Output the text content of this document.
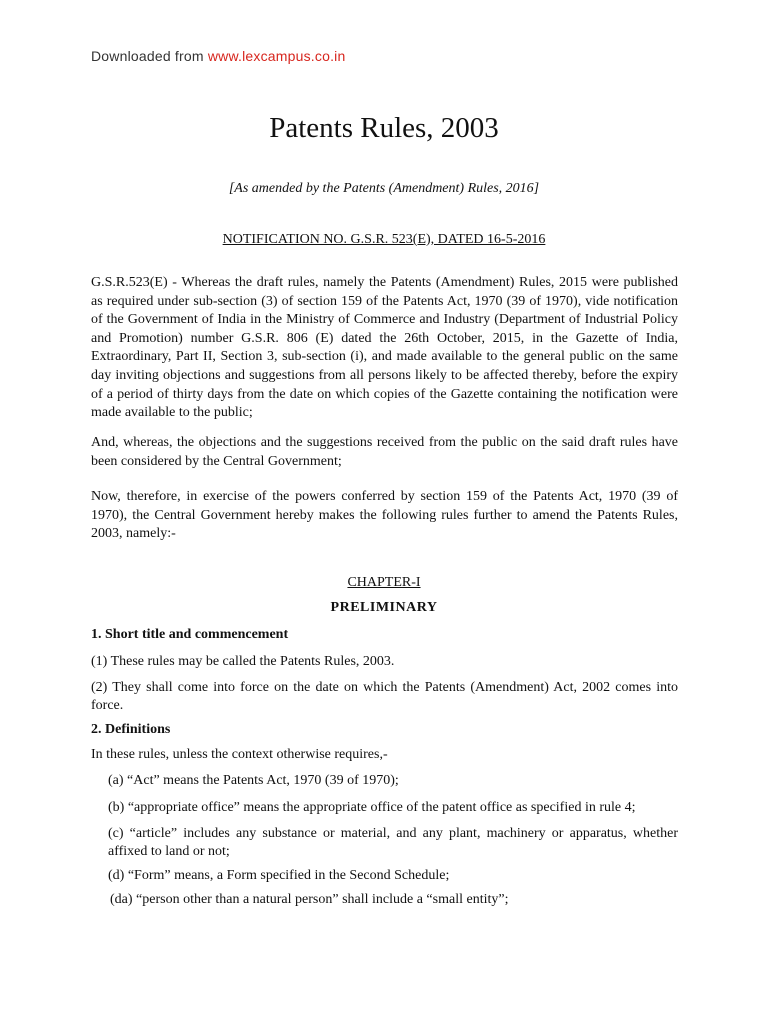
Downloaded from www.lexcampus.co.in
Patents Rules, 2003
[As amended by the Patents (Amendment) Rules, 2016]
NOTIFICATION NO. G.S.R. 523(E), DATED 16-5-2016

G.S.R.523(E) - Whereas the draft rules, namely the Patents (Amendment) Rules, 2015 were published as required under sub-section (3) of section 159 of the Patents Act, 1970 (39 of 1970), vide notification of the Government of India in the Ministry of Commerce and Industry (Department of Industrial Policy and Promotion) number G.S.R. 806 (E) dated the 26th October, 2015, in the Gazette of India, Extraordinary, Part II, Section 3, sub-section (i), and made available to the general public on the same day inviting objections and suggestions from all persons likely to be affected thereby, before the expiry of a period of thirty days from the date on which copies of the Gazette containing the notification were made available to the public;

And, whereas, the objections and the suggestions received from the public on the said draft rules have been considered by the Central Government;

Now, therefore, in exercise of the powers conferred by section 159 of the Patents Act, 1970 (39 of 1970), the Central Government hereby makes the following rules further to amend the Patents Rules, 2003, namely:-

CHAPTER-I
PRELIMINARY
1. Short title and commencement
(1) These rules may be called the Patents Rules, 2003.
(2) They shall come into force on the date on which the Patents (Amendment) Act, 2002 comes into force.
2. Definitions
In these rules, unless the context otherwise requires,-
(a) “Act” means the Patents Act, 1970 (39 of 1970);
(b) “appropriate office” means the appropriate office of the patent office as specified in rule 4;
(c) “article” includes any substance or material, and any plant, machinery or apparatus, whether affixed to land or not;
(d) “Form” means, a Form specified in the Second Schedule;
(da) “person other than a natural person” shall include a “small entity”;
